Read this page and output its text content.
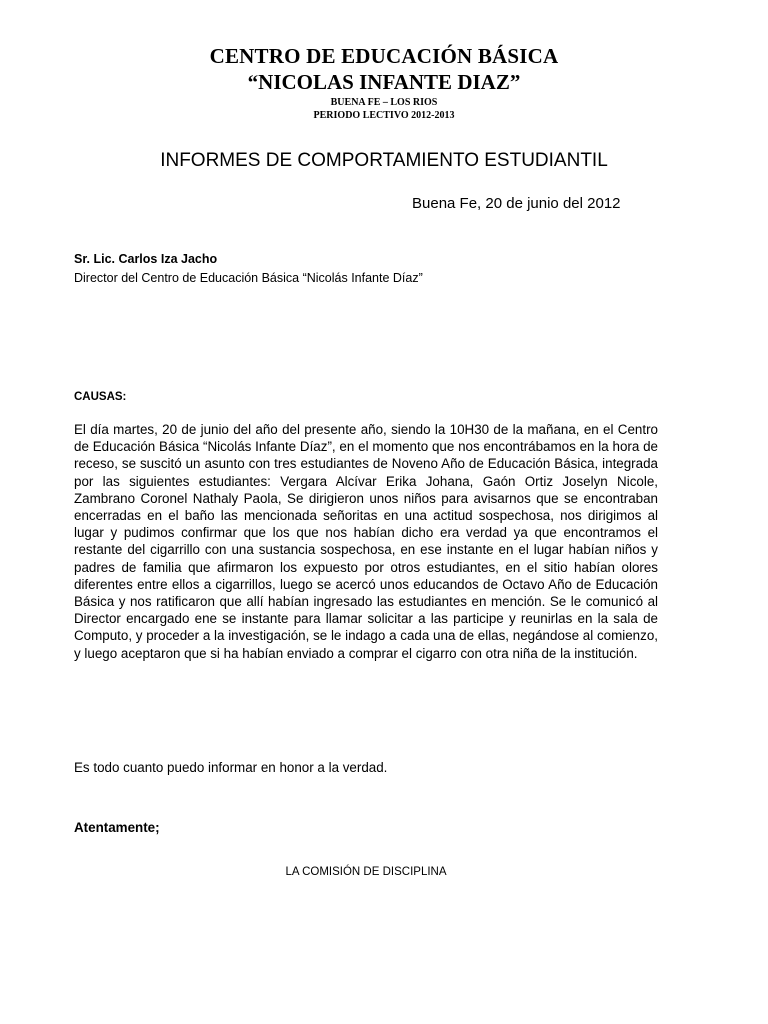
CENTRO DE EDUCACIÓN BÁSICA
“NICOLAS INFANTE DIAZ”
BUENA FE – LOS RIOS
PERIODO LECTIVO 2012-2013
INFORMES DE COMPORTAMIENTO ESTUDIANTIL
Buena Fe, 20 de junio del 2012
Sr. Lic. Carlos Iza Jacho
Director del Centro de Educación Básica “Nicolás Infante Díaz”
CAUSAS:
El día martes, 20 de junio del año del presente año, siendo la 10H30 de la mañana, en el Centro de Educación Básica “Nicolás Infante Díaz”, en el momento que nos encontrábamos en la hora de receso, se suscitó un asunto con tres estudiantes de Noveno Año de Educación Básica, integrada por las siguientes estudiantes: Vergara Alcívar Erika Johana, Gaón Ortiz Joselyn Nicole, Zambrano Coronel Nathaly Paola, Se dirigieron unos niños para avisarnos que se encontraban encerradas en el baño las mencionada señoritas en una actitud sospechosa, nos dirigimos al lugar y pudimos confirmar que los que nos habían dicho era verdad ya que encontramos el restante del cigarrillo con una sustancia sospechosa, en ese instante en el lugar habían niños y padres de familia que afirmaron los expuesto por otros estudiantes, en el sitio habían olores diferentes entre ellos a cigarrillos, luego se acercó unos educandos de Octavo Año de Educación Básica y nos ratificaron que allí habían ingresado las estudiantes en mención. Se le comunicó al Director encargado ene se instante para llamar solicitar a las participe y reunirlas en la sala de Computo, y proceder a la investigación, se le indago a cada una de ellas, negándose al comienzo, y luego aceptaron que si ha habían enviado a comprar el cigarro con otra niña de la institución.
Es todo cuanto puedo informar en honor a la verdad.
Atentamente;
LA COMISIÓN DE DISCIPLINA
